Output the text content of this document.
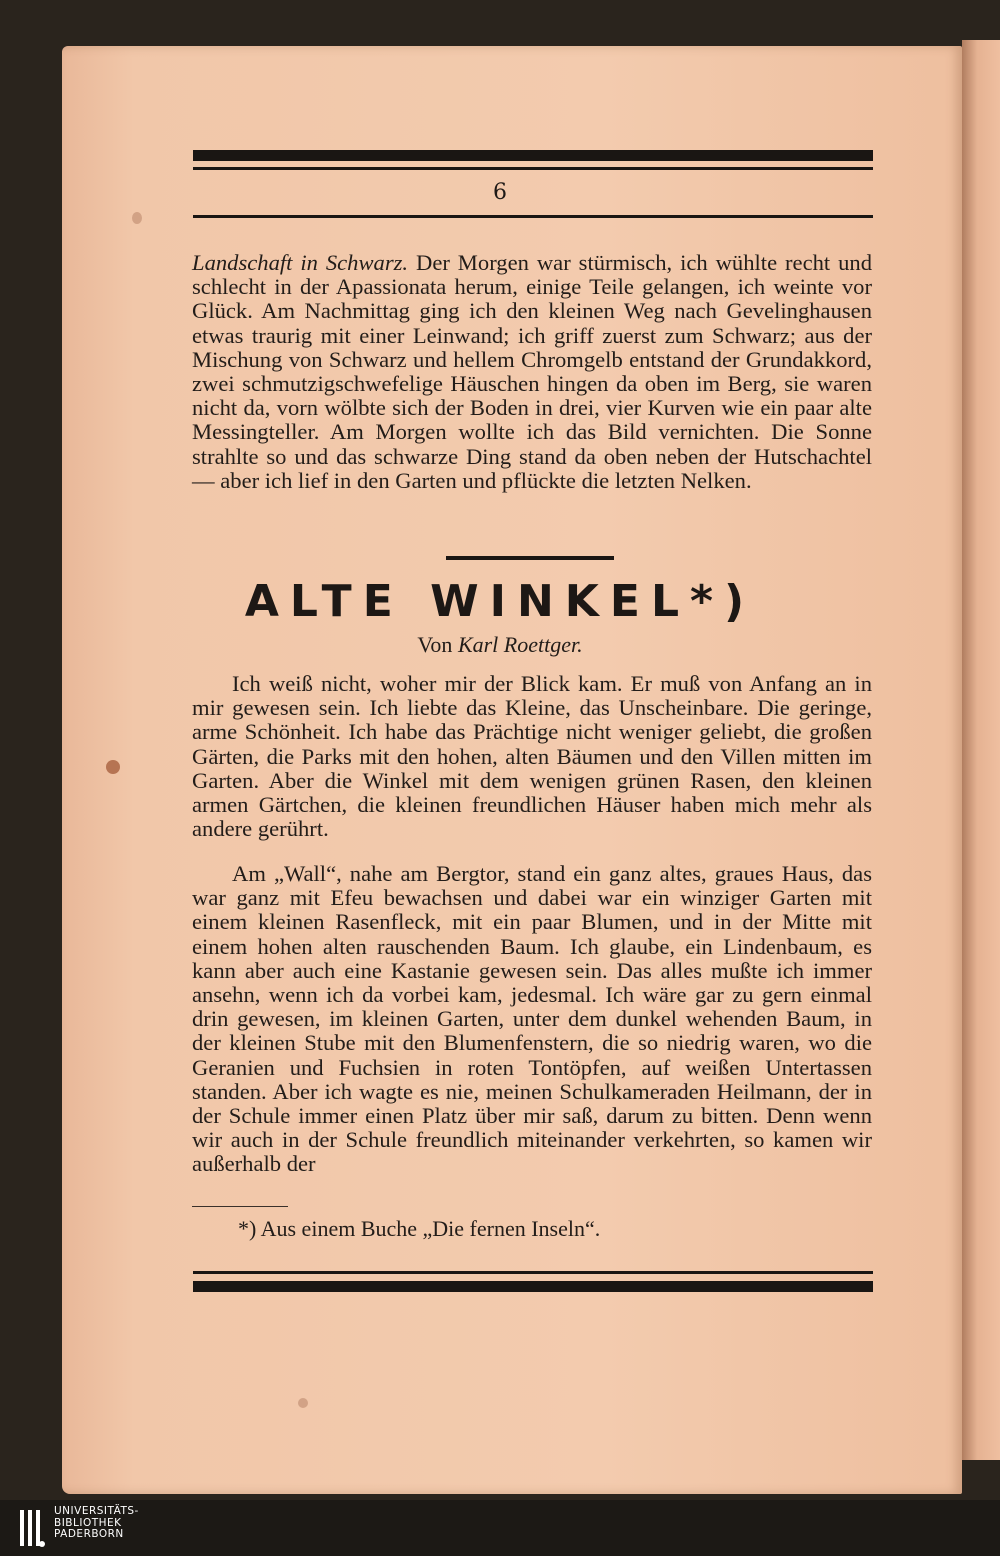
6

Landschaft in Schwarz. Der Morgen war stürmisch, ich wühlte recht und schlecht in der Apassionata herum, einige Teile gelangen, ich weinte vor Glück. Am Nachmittag ging ich den kleinen Weg nach Gevelinghausen etwas traurig mit einer Leinwand; ich griff zuerst zum Schwarz; aus der Mischung von Schwarz und hellem Chromgelb entstand der Grundakkord, zwei schmutzigschwefelige Häuschen hingen da oben im Berg, sie waren nicht da, vorn wölbte sich der Boden in drei, vier Kurven wie ein paar alte Messingteller. Am Morgen wollte ich das Bild vernichten. Die Sonne strahlte so und das schwarze Ding stand da oben neben der Hutschachtel — aber ich lief in den Garten und pflückte die letzten Nelken.

ALTE WINKEL*)
Von Karl Roettger.

Ich weiß nicht, woher mir der Blick kam. Er muß von Anfang an in mir gewesen sein. Ich liebte das Kleine, das Unscheinbare. Die geringe, arme Schönheit. Ich habe das Prächtige nicht weniger geliebt, die großen Gärten, die Parks mit den hohen, alten Bäumen und den Villen mitten im Garten. Aber die Winkel mit dem wenigen grünen Rasen, den kleinen armen Gärtchen, die kleinen freundlichen Häuser haben mich mehr als andere gerührt.

Am „Wall“, nahe am Bergtor, stand ein ganz altes, graues Haus, das war ganz mit Efeu bewachsen und dabei war ein winziger Garten mit einem kleinen Rasenfleck, mit ein paar Blumen, und in der Mitte mit einem hohen alten rauschenden Baum. Ich glaube, ein Lindenbaum, es kann aber auch eine Kastanie gewesen sein. Das alles mußte ich immer ansehn, wenn ich da vorbei kam, jedesmal. Ich wäre gar zu gern einmal drin gewesen, im kleinen Garten, unter dem dunkel wehenden Baum, in der kleinen Stube mit den Blumenfenstern, die so niedrig waren, wo die Geranien und Fuchsien in roten Tontöpfen, auf weißen Untertassen standen. Aber ich wagte es nie, meinen Schulkameraden Heilmann, der in der Schule immer einen Platz über mir saß, darum zu bitten. Denn wenn wir auch in der Schule freundlich miteinander verkehrten, so kamen wir außerhalb der

*) Aus einem Buche „Die fernen Inseln“.
UNIVERSITÄTS-
BIBLIOTHEK
PADERBORN
